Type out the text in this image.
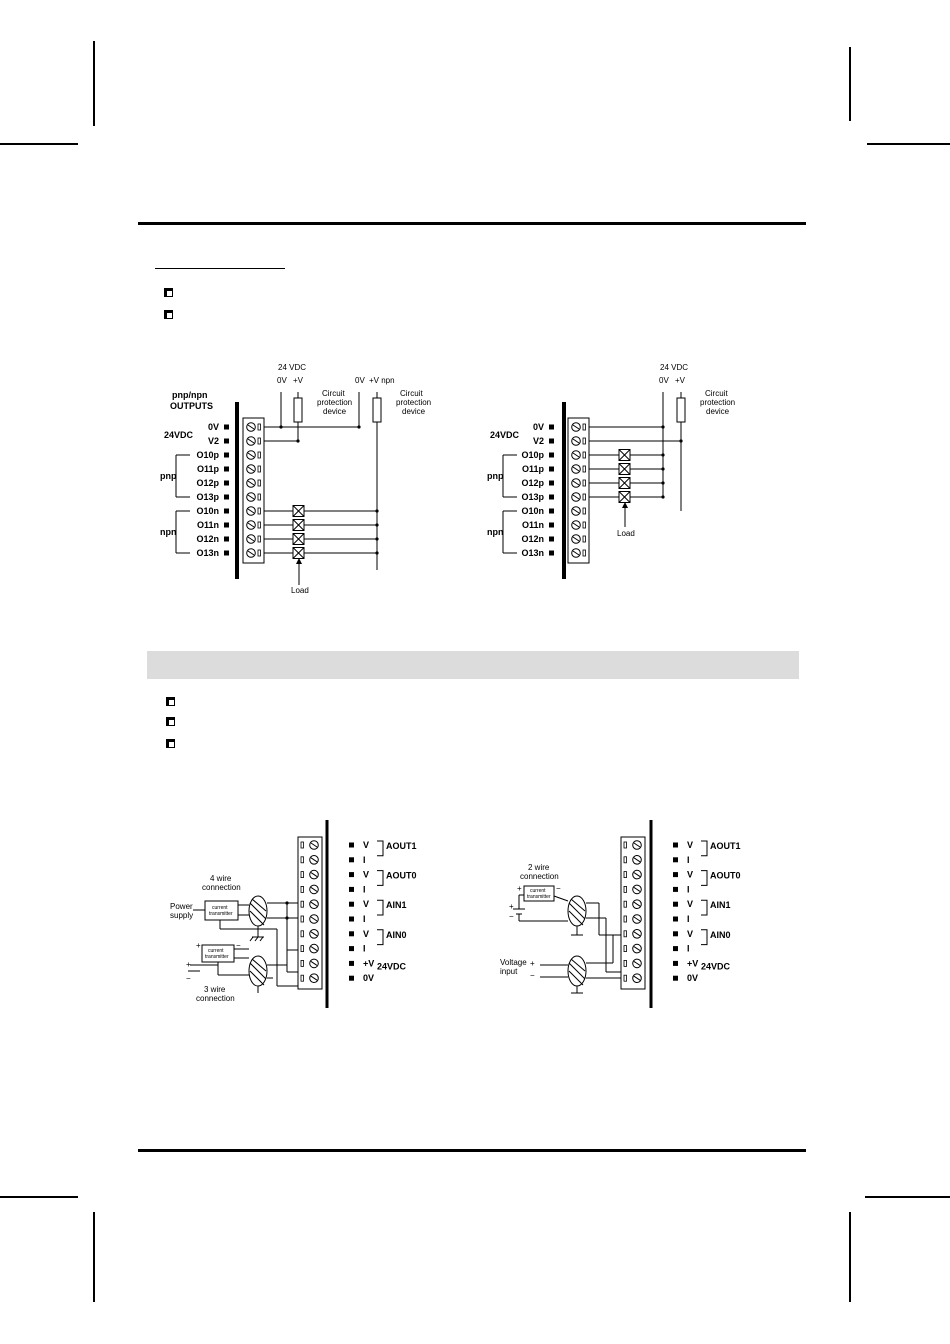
24 VDC
0V +V	0V +V npn
Circuit
protection
device
Circuit
protection
device
pnp/npn
OUTPUTS
24VDC
pnp
npn
Load
0V
V2
O10p
O11p
O12p
O13p
O10n
O11n
O12n
O13n
24 VDC
0V +V
Circuit
protection
device
24VDC
pnp
npn	Load
0V
V2
O10p
O11p
O12p
O13p
O10n
O11n
O12n
O13n
4 wire
connection
Power
supply
current
transmitter
current
transmitter
+	−
+
−
3 wire
connection
V
I
V
I
V
I
V
I
+V
0V
AOUT1
AOUT0
AIN1
AIN0
24VDC
2 wire
connection
current
transmitter
+	−
+
−
Voltage
input
+
−
V
I
V
I
V
I
V
I
+V
0V
AOUT1
AOUT0
AIN1
AIN0
24VDC
